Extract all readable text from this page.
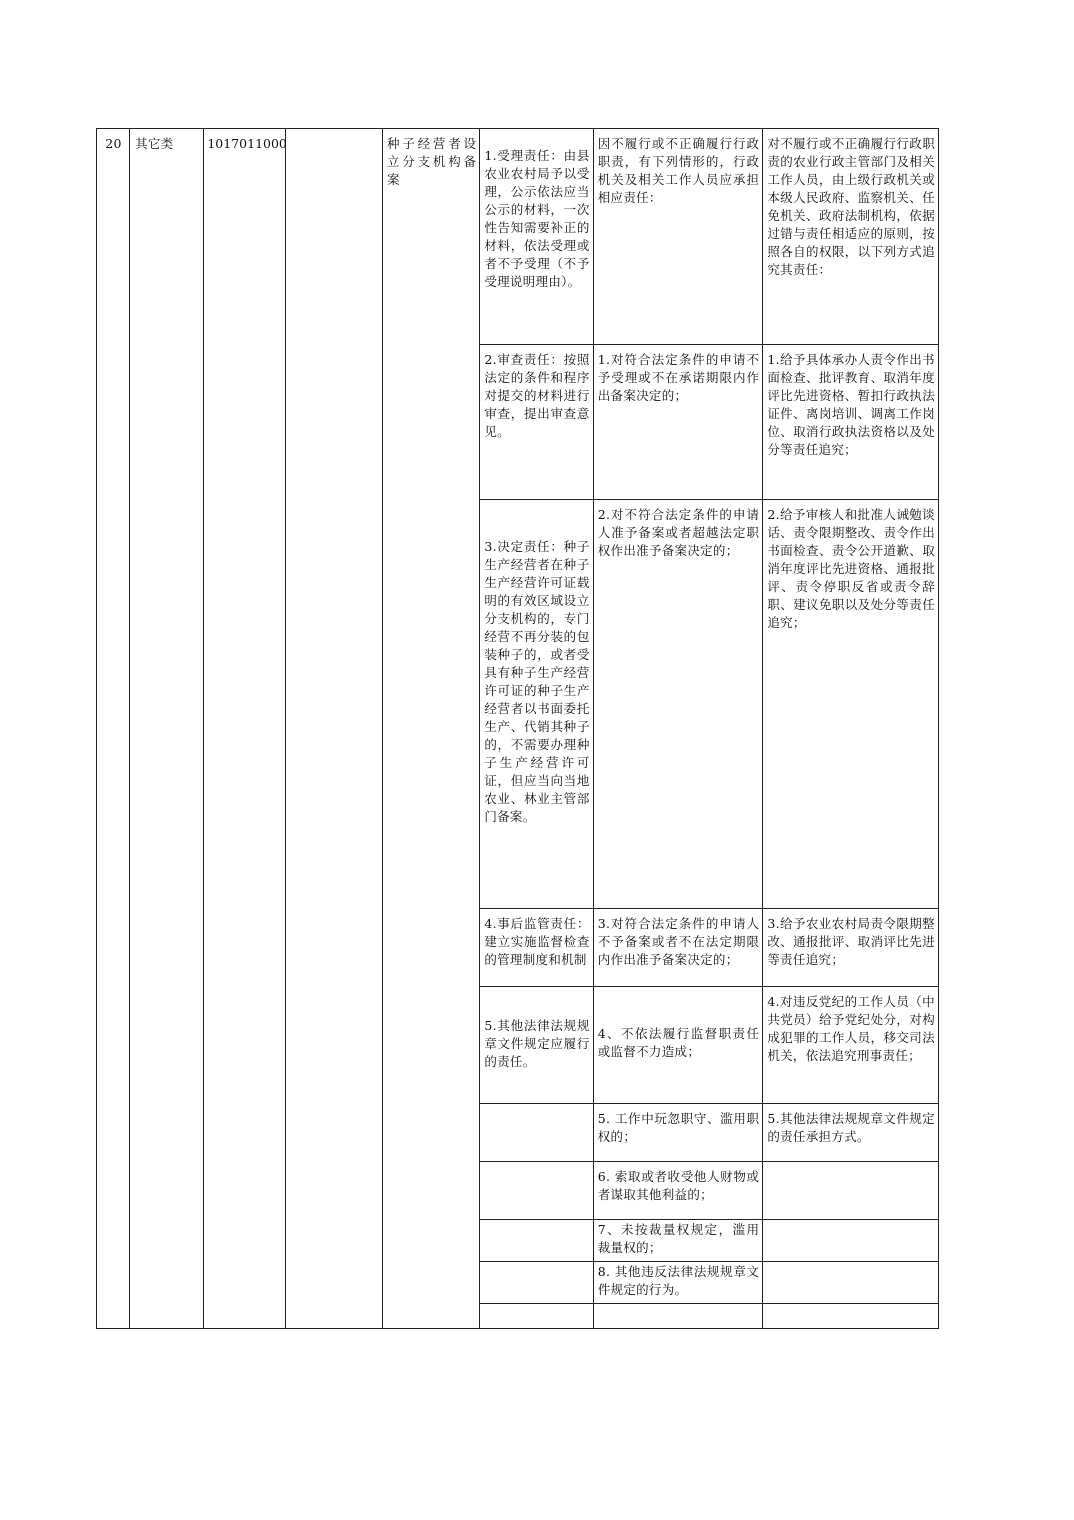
20	其它类	1017011000		种子经营者设立分支机构备案	1.受理责任：由县农业农村局予以受理，公示依法应当公示的材料，一次性告知需要补正的材料，依法受理或者不予受理（不予受理说明理由）。	因不履行或不正确履行行政职责，有下列情形的，行政机关及相关工作人员应承担相应责任：	对不履行或不正确履行行政职责的农业行政主管部门及相关工作人员，由上级行政机关或本级人民政府、监察机关、任免机关、政府法制机构，依据过错与责任相适应的原则，按照各自的权限，以下列方式追究其责任：

					2.审查责任：按照法定的条件和程序对提交的材料进行审查，提出审查意见。	1.对符合法定条件的申请不予受理或不在承诺期限内作出备案决定的；	1.给予具体承办人责令作出书面检查、批评教育、取消年度评比先进资格、暂扣行政执法证件、离岗培训、调离工作岗位、取消行政执法资格以及处分等责任追究；

					3.决定责任：种子生产经营者在种子生产经营许可证载明的有效区域设立分支机构的，专门经营不再分装的包装种子的，或者受具有种子生产经营许可证的种子生产经营者以书面委托生产、代销其种子的，不需要办理种子生产经营许可证，但应当向当地农业、林业主管部门备案。	2.对不符合法定条件的申请人准予备案或者超越法定职权作出准予备案决定的；	2.给予审核人和批准人诫勉谈话、责令限期整改、责令作出书面检查、责令公开道歉、取消年度评比先进资格、通报批评、责令停职反省或责令辞职、建议免职以及处分等责任追究；

					4.事后监管责任：建立实施监督检查的管理制度和机制	3.对符合法定条件的申请人不予备案或者不在法定期限内作出准予备案决定的；	3.给予农业农村局责令限期整改、通报批评、取消评比先进等责任追究；

					5.其他法律法规规章文件规定应履行的责任。	4、不依法履行监督职责任或监督不力造成；	4.对违反党纪的工作人员（中共党员）给予党纪处分，对构成犯罪的工作人员，移交司法机关，依法追究刑事责任；

						5. 工作中玩忽职守、滥用职权的；	5.其他法律法规规章文件规定的责任承担方式。

						6. 索取或者收受他人财物或者谋取其他利益的；	

						7、未按裁量权规定，滥用裁量权的；	

						8. 其他违反法律法规规章文件规定的行为。	
